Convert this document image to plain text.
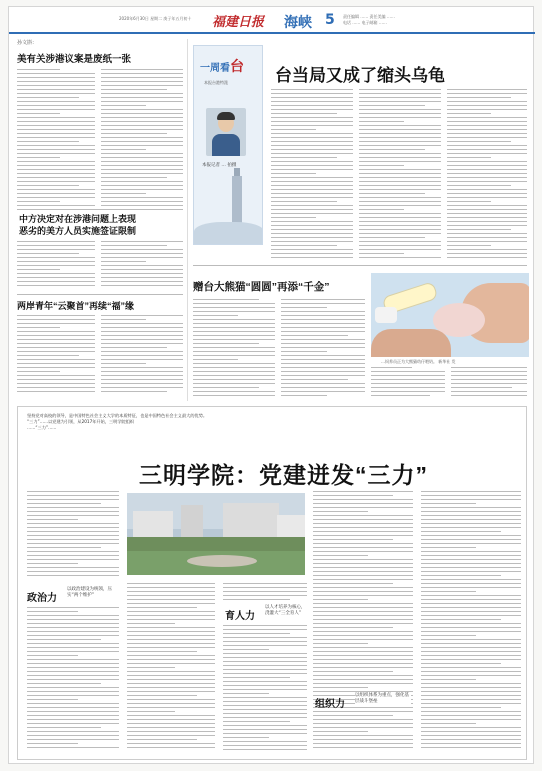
2020年6月30日 星期二 庚子年五月初十 福建日报 海峡 5 责任编辑 …… 责任美编 ……
电话 …… 电子邮箱 ……
孙文斟：
美有关涉港议案是废纸一张
中方决定对在涉港问题上表现
恶劣的美方人员实施签证限制
两岸青年“云聚首”再续“福”缘
一周看台
本报台港特派
本报记者 … 拍摄
台当局又成了缩头乌龟
赠台大熊猫“圆圆”再添“千金”
…饲养员正为大熊猫幼仔喂奶。 新华社 发
坚持党对高校的领导，是中国特色社会主义大学的本质特征，也是中国特色社会主义最大的优势。
“三力”……以党建为引领，从2017年开始，三明学院组织
……“三力”……
三明学院：党建迸发“三力”
政治力
以政治建设为统领，压实“两个维护”
育人力
以人才培养为核心，浇灌大“三全育人”
组织力
以组织体系为重点，强化基层战斗堡垒
